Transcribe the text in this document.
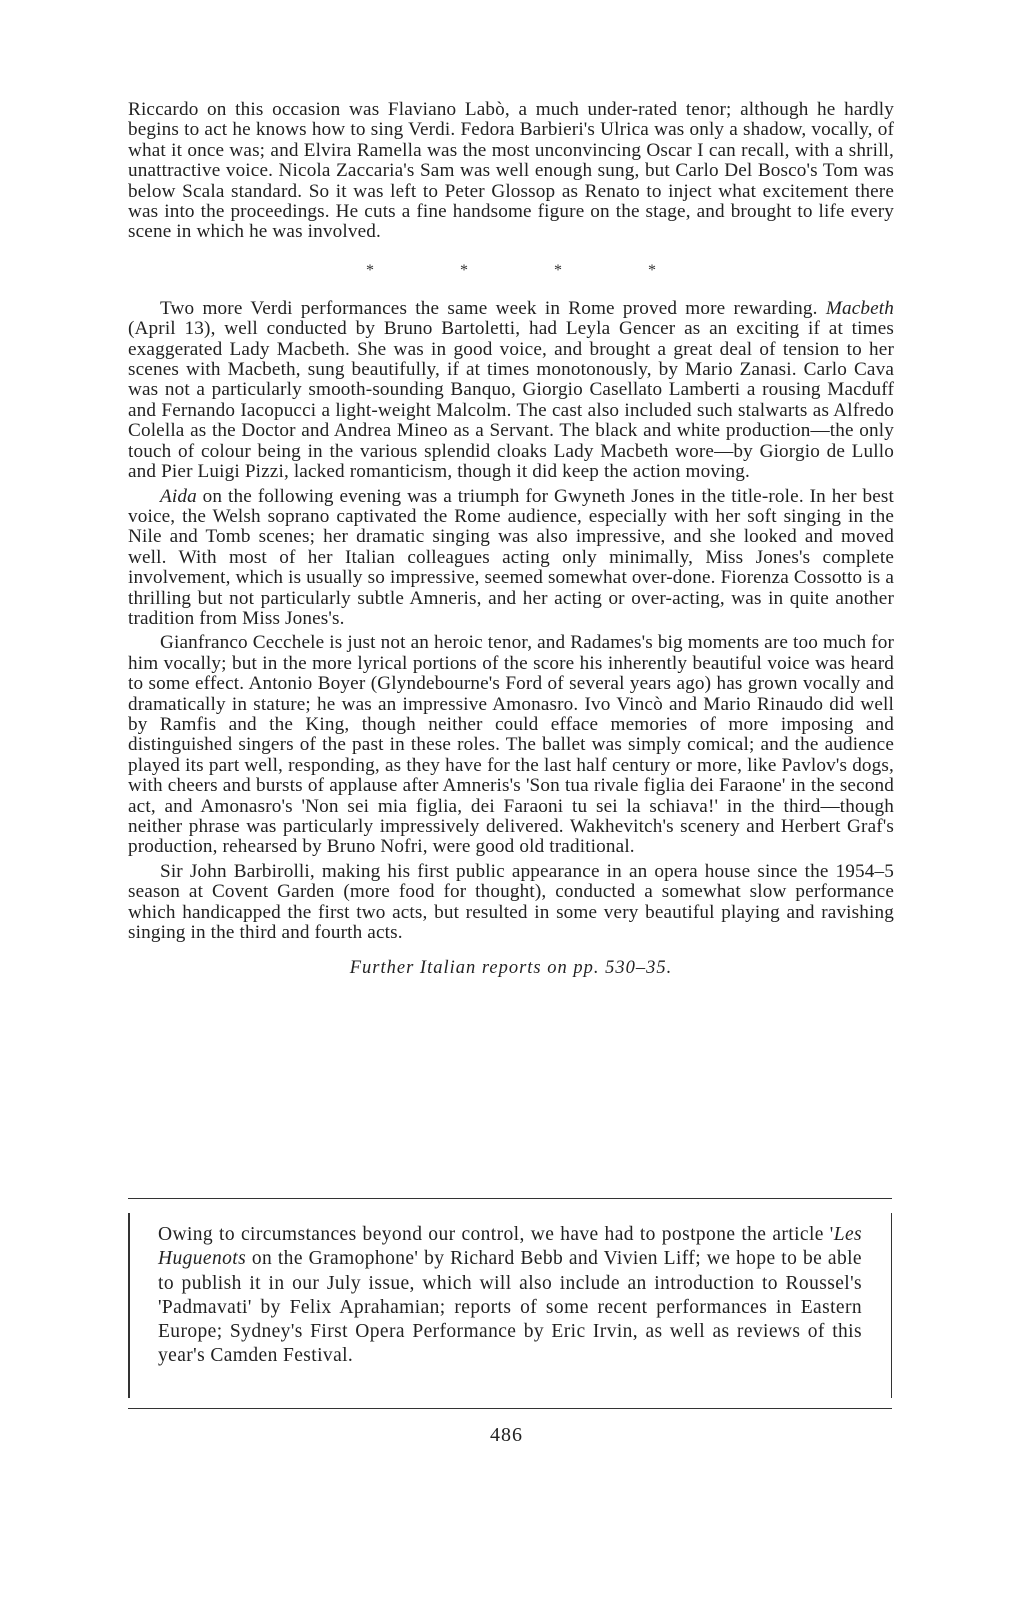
Riccardo on this occasion was Flaviano Labò, a much under-rated tenor; although he hardly begins to act he knows how to sing Verdi. Fedora Barbieri's Ulrica was only a shadow, vocally, of what it once was; and Elvira Ramella was the most unconvincing Oscar I can recall, with a shrill, unattractive voice. Nicola Zaccaria's Sam was well enough sung, but Carlo Del Bosco's Tom was below Scala standard. So it was left to Peter Glossop as Renato to inject what excitement there was into the proceedings. He cuts a fine handsome figure on the stage, and brought to life every scene in which he was involved.

*	*	*	*

Two more Verdi performances the same week in Rome proved more rewarding. Macbeth (April 13), well conducted by Bruno Bartoletti, had Leyla Gencer as an exciting if at times exaggerated Lady Macbeth. She was in good voice, and brought a great deal of tension to her scenes with Macbeth, sung beautifully, if at times monotonously, by Mario Zanasi. Carlo Cava was not a particularly smooth-sounding Banquo, Giorgio Casellato Lamberti a rousing Macduff and Fernando Iacopucci a light-weight Malcolm. The cast also included such stalwarts as Alfredo Colella as the Doctor and Andrea Mineo as a Servant. The black and white production—the only touch of colour being in the various splendid cloaks Lady Macbeth wore—by Giorgio de Lullo and Pier Luigi Pizzi, lacked romanticism, though it did keep the action moving.

Aida on the following evening was a triumph for Gwyneth Jones in the title-role. In her best voice, the Welsh soprano captivated the Rome audience, especially with her soft singing in the Nile and Tomb scenes; her dramatic singing was also impressive, and she looked and moved well. With most of her Italian colleagues acting only minimally, Miss Jones's complete involvement, which is usually so impressive, seemed somewhat over-done. Fiorenza Cossotto is a thrilling but not particularly subtle Amneris, and her acting or over-acting, was in quite another tradition from Miss Jones's.

Gianfranco Cecchele is just not an heroic tenor, and Radames's big moments are too much for him vocally; but in the more lyrical portions of the score his inherently beautiful voice was heard to some effect. Antonio Boyer (Glyndebourne's Ford of several years ago) has grown vocally and dramatically in stature; he was an impressive Amonasro. Ivo Vincò and Mario Rinaudo did well by Ramfis and the King, though neither could efface memories of more imposing and distinguished singers of the past in these roles. The ballet was simply comical; and the audience played its part well, responding, as they have for the last half century or more, like Pavlov's dogs, with cheers and bursts of applause after Amneris's 'Son tua rivale figlia dei Faraone' in the second act, and Amonasro's 'Non sei mia figlia, dei Faraoni tu sei la schiava!' in the third—though neither phrase was particularly impressively delivered. Wakhevitch's scenery and Herbert Graf's production, rehearsed by Bruno Nofri, were good old traditional.

Sir John Barbirolli, making his first public appearance in an opera house since the 1954–5 season at Covent Garden (more food for thought), conducted a somewhat slow performance which handicapped the first two acts, but resulted in some very beautiful playing and ravishing singing in the third and fourth acts.

Further Italian reports on pp. 530–35.

Owing to circumstances beyond our control, we have had to postpone the article 'Les Huguenots on the Gramophone' by Richard Bebb and Vivien Liff; we hope to be able to publish it in our July issue, which will also include an introduction to Roussel's 'Padmavati' by Felix Aprahamian; reports of some recent performances in Eastern Europe; Sydney's First Opera Performance by Eric Irvin, as well as reviews of this year's Camden Festival.

486
